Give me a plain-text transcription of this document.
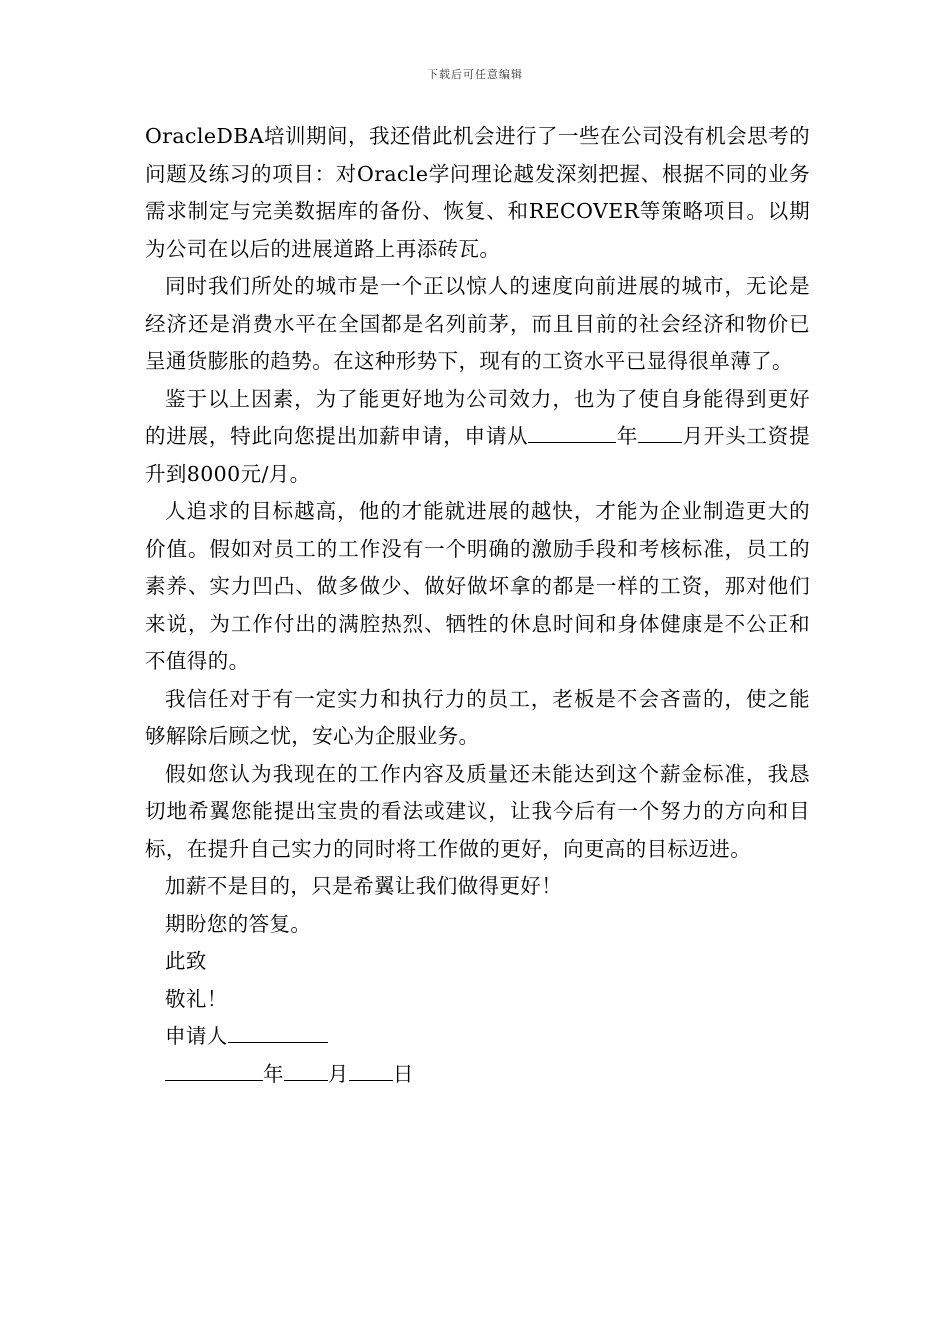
下载后可任意编辑

OracleDBA培训期间，我还借此机会进行了一些在公司没有机会思考的问题及练习的项目：对Oracle学问理论越发深刻把握、根据不同的业务需求制定与完美数据库的备份、恢复、和RECOVER等策略项目。以期为公司在以后的进展道路上再添砖瓦。

同时我们所处的城市是一个正以惊人的速度向前进展的城市，无论是经济还是消费水平在全国都是名列前茅，而且目前的社会经济和物价已呈通货膨胀的趋势。在这种形势下，现有的工资水平已显得很单薄了。

鉴于以上因素，为了能更好地为公司效力，也为了使自身能得到更好的进展，特此向您提出加薪申请，申请从	年 月开头工资提升到8000元/月。

人追求的目标越高，他的才能就进展的越快，才能为企业制造更大的价值。假如对员工的工作没有一个明确的激励手段和考核标准，员工的素养、实力凹凸、做多做少、做好做坏拿的都是一样的工资，那对他们来说，为工作付出的满腔热烈、牺牲的休息时间和身体健康是不公正和不值得的。

我信任对于有一定实力和执行力的员工，老板是不会吝啬的，使之能够解除后顾之忧，安心为企服业务。

假如您认为我现在的工作内容及质量还未能达到这个薪金标准，我恳切地希翼您能提出宝贵的看法或建议，让我今后有一个努力的方向和目标，在提升自己实力的同时将工作做的更好，向更高的目标迈进。

加薪不是目的，只是希翼让我们做得更好！

期盼您的答复。

此致

敬礼！

申请人

年 月 日
